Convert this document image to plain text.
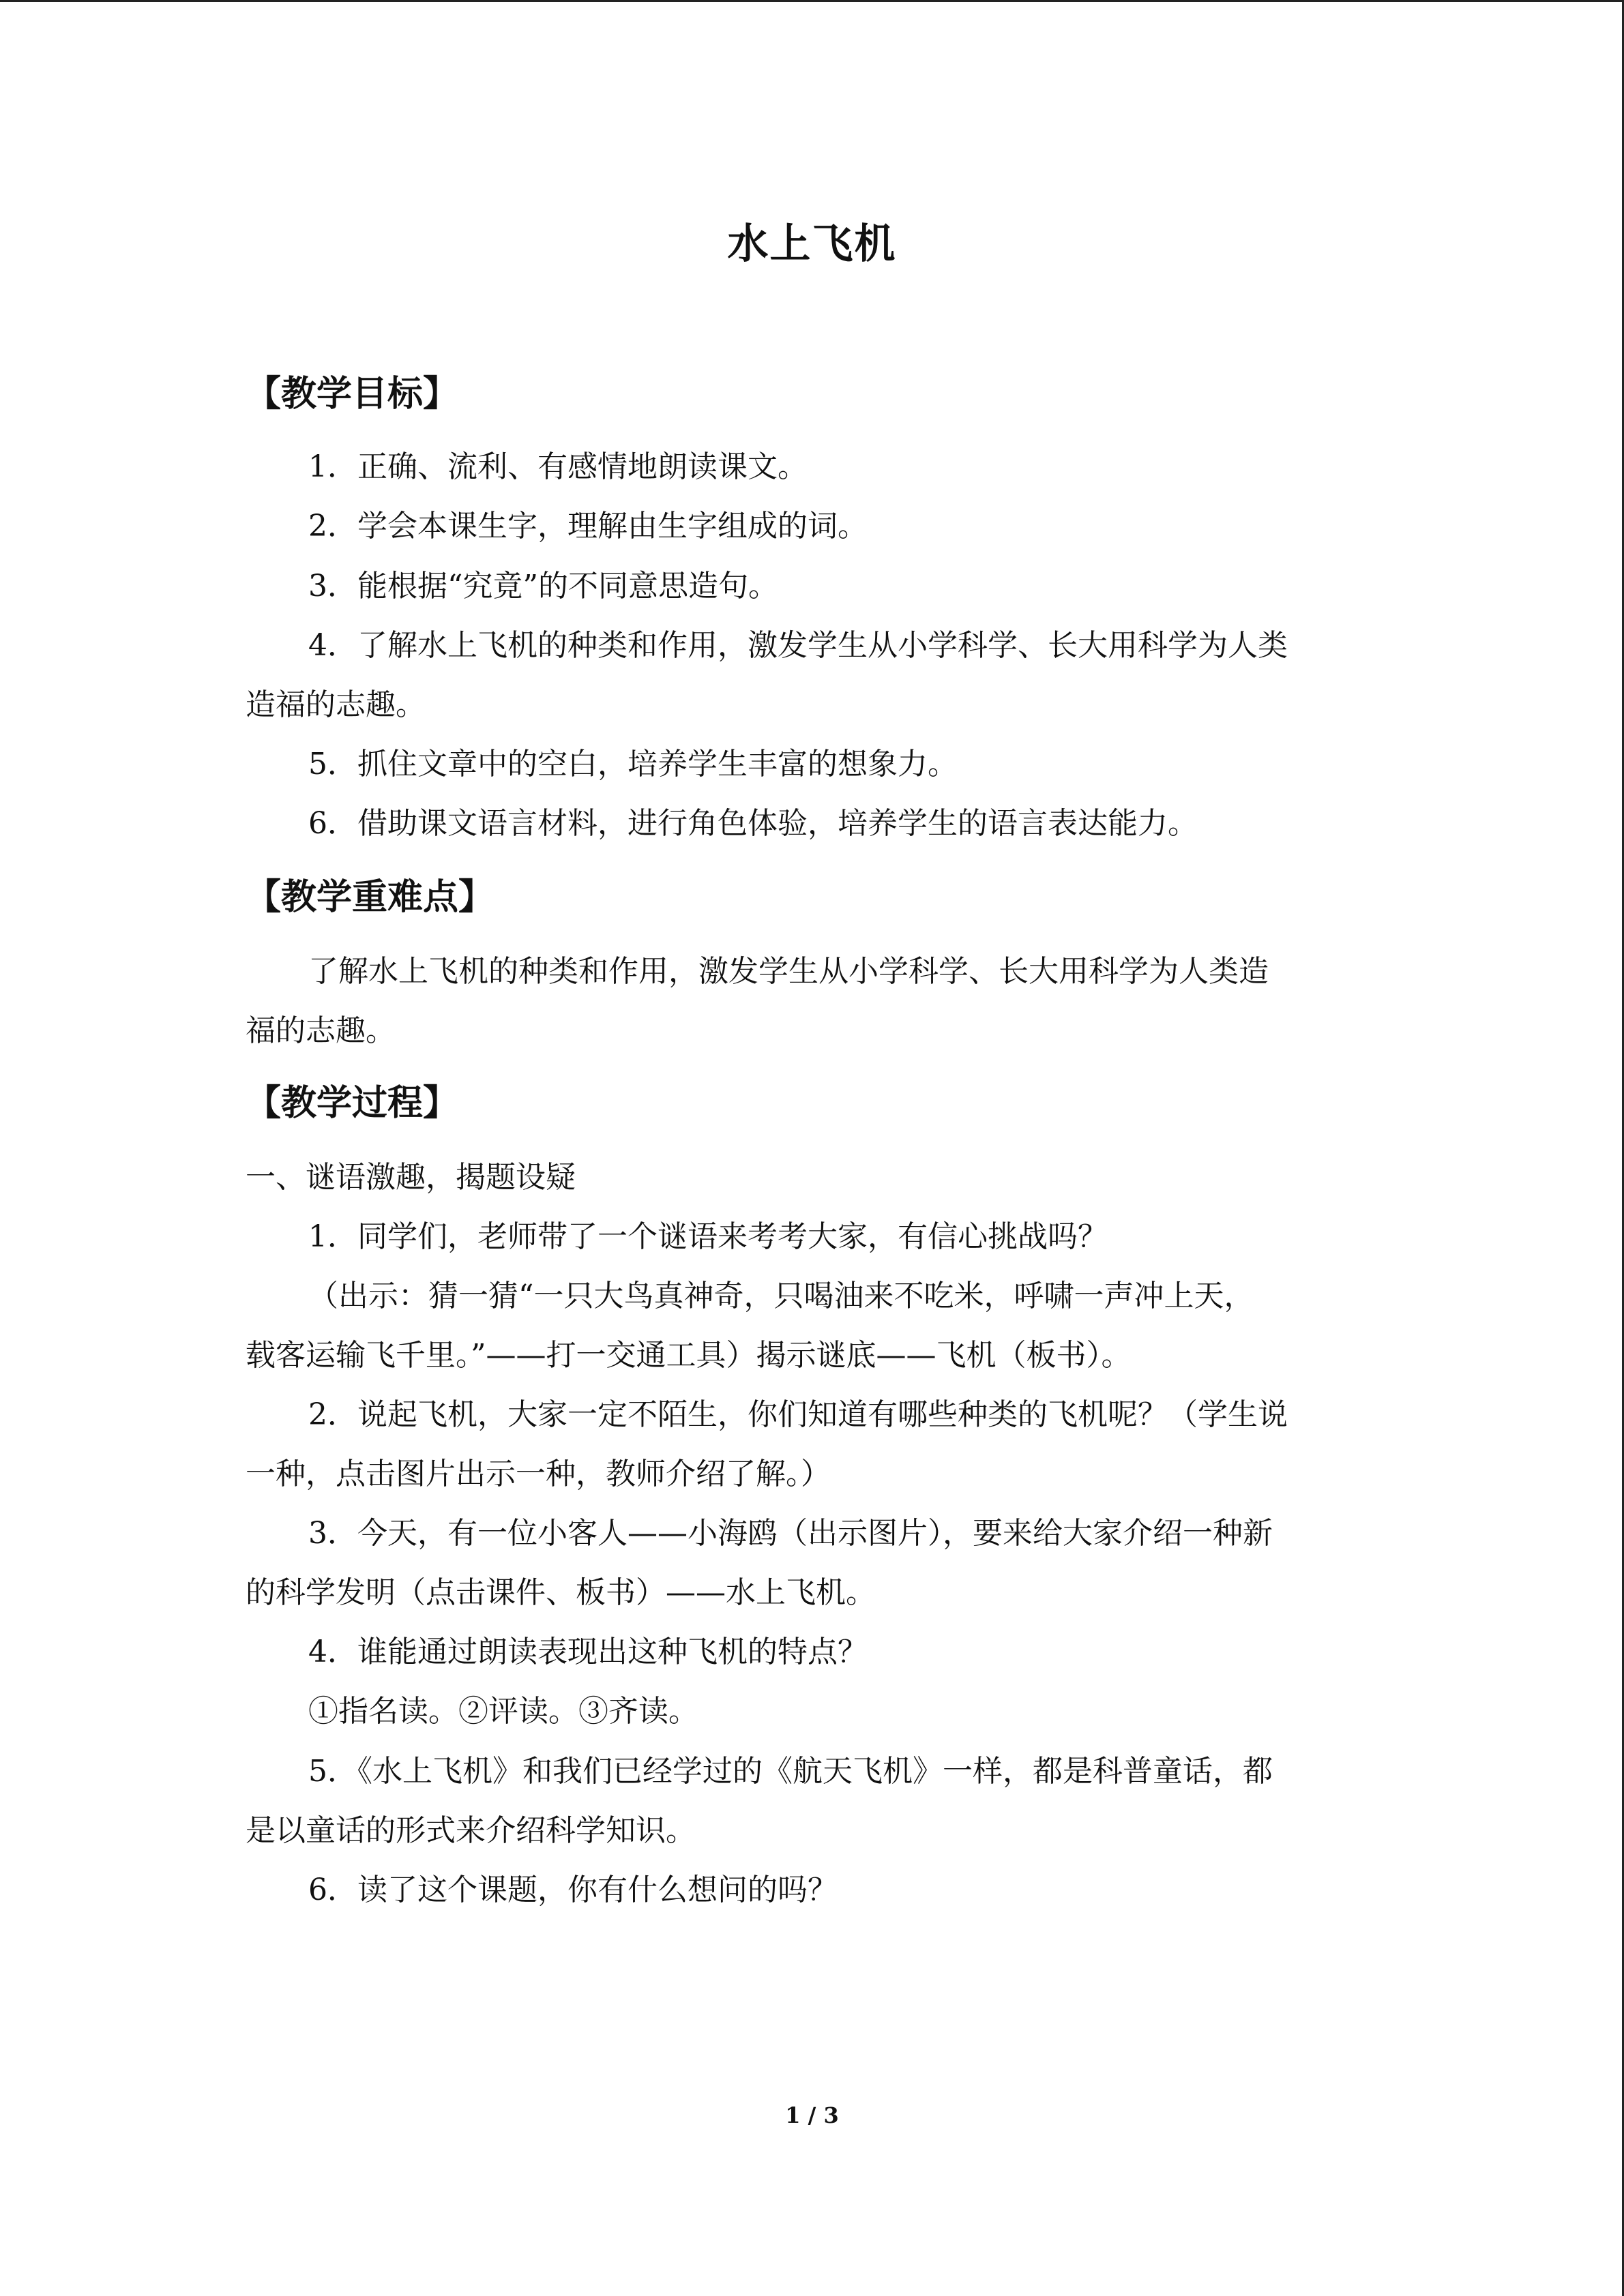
水上飞机
【教学目标】
1．正确、流利、有感情地朗读课文。
2．学会本课生字，理解由生字组成的词。
3．能根据“究竟”的不同意思造句。
4．了解水上飞机的种类和作用，激发学生从小学科学、长大用科学为人类
造福的志趣。
5．抓住文章中的空白，培养学生丰富的想象力。
6．借助课文语言材料，进行角色体验，培养学生的语言表达能力。
【教学重难点】
了解水上飞机的种类和作用，激发学生从小学科学、长大用科学为人类造
福的志趣。
【教学过程】
一、谜语激趣，揭题设疑
1．同学们，老师带了一个谜语来考考大家，有信心挑战吗？
（出示：猜一猜“一只大鸟真神奇，只喝油来不吃米，呼啸一声冲上天，
载客运输飞千里。”——打一交通工具）揭示谜底——飞机（板书）。
2．说起飞机，大家一定不陌生，你们知道有哪些种类的飞机呢？（学生说
一种，点击图片出示一种，教师介绍了解。）
3．今天，有一位小客人——小海鸥（出示图片），要来给大家介绍一种新
的科学发明（点击课件、板书）——水上飞机。
4．谁能通过朗读表现出这种飞机的特点？
①指名读。②评读。③齐读。
5．《水上飞机》和我们已经学过的《航天飞机》一样，都是科普童话，都
是以童话的形式来介绍科学知识。
6．读了这个课题，你有什么想问的吗？
1 / 3
